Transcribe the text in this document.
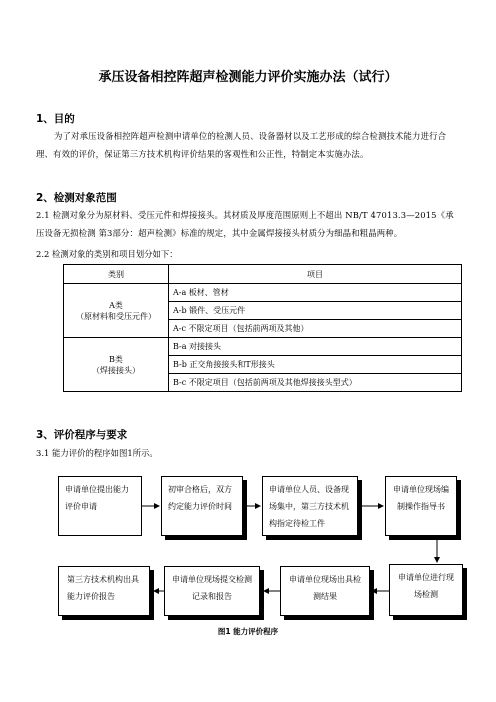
承压设备相控阵超声检测能力评价实施办法（试行）
1、目的
为了对承压设备相控阵超声检测申请单位的检测人员、设备器材以及工艺形成的综合检测技术能力进行合理、有效的评价，保证第三方技术机构评价结果的客观性和公正性，特制定本实施办法。
2、检测对象范围
2.1 检测对象分为原材料、受压元件和焊接接头。其材质及厚度范围原则上不超出 NB/T 47013.3—2015《承压设备无损检测 第3部分：超声检测》标准的规定，其中金属焊接接头材质分为细晶和粗晶两种。
2.2 检测对象的类别和项目划分如下：
类别	项目

A类
（原材料和受压元件）	A-a 板材、管材
	A-b 锻件、受压元件
	A-c 不限定项目（包括前两项及其他）

B类
（焊接接头）	B-a 对接接头
	B-b 正交角接接头和T形接头
	B-c 不限定项目（包括前两项及其他焊接接头型式）
3、评价程序与要求
3.1 能力评价的程序如图1所示。
申请单位提出能力评价申请
初审合格后，双方约定能力评价时间
申请单位人员、设备现场集中，第三方技术机构指定待检工件
申请单位现场编制操作指导书
第三方技术机构出具能力评价报告
申请单位现场提交检测记录和报告
申请单位现场出具检测结果
申请单位进行现场检测
图1 能力评价程序
